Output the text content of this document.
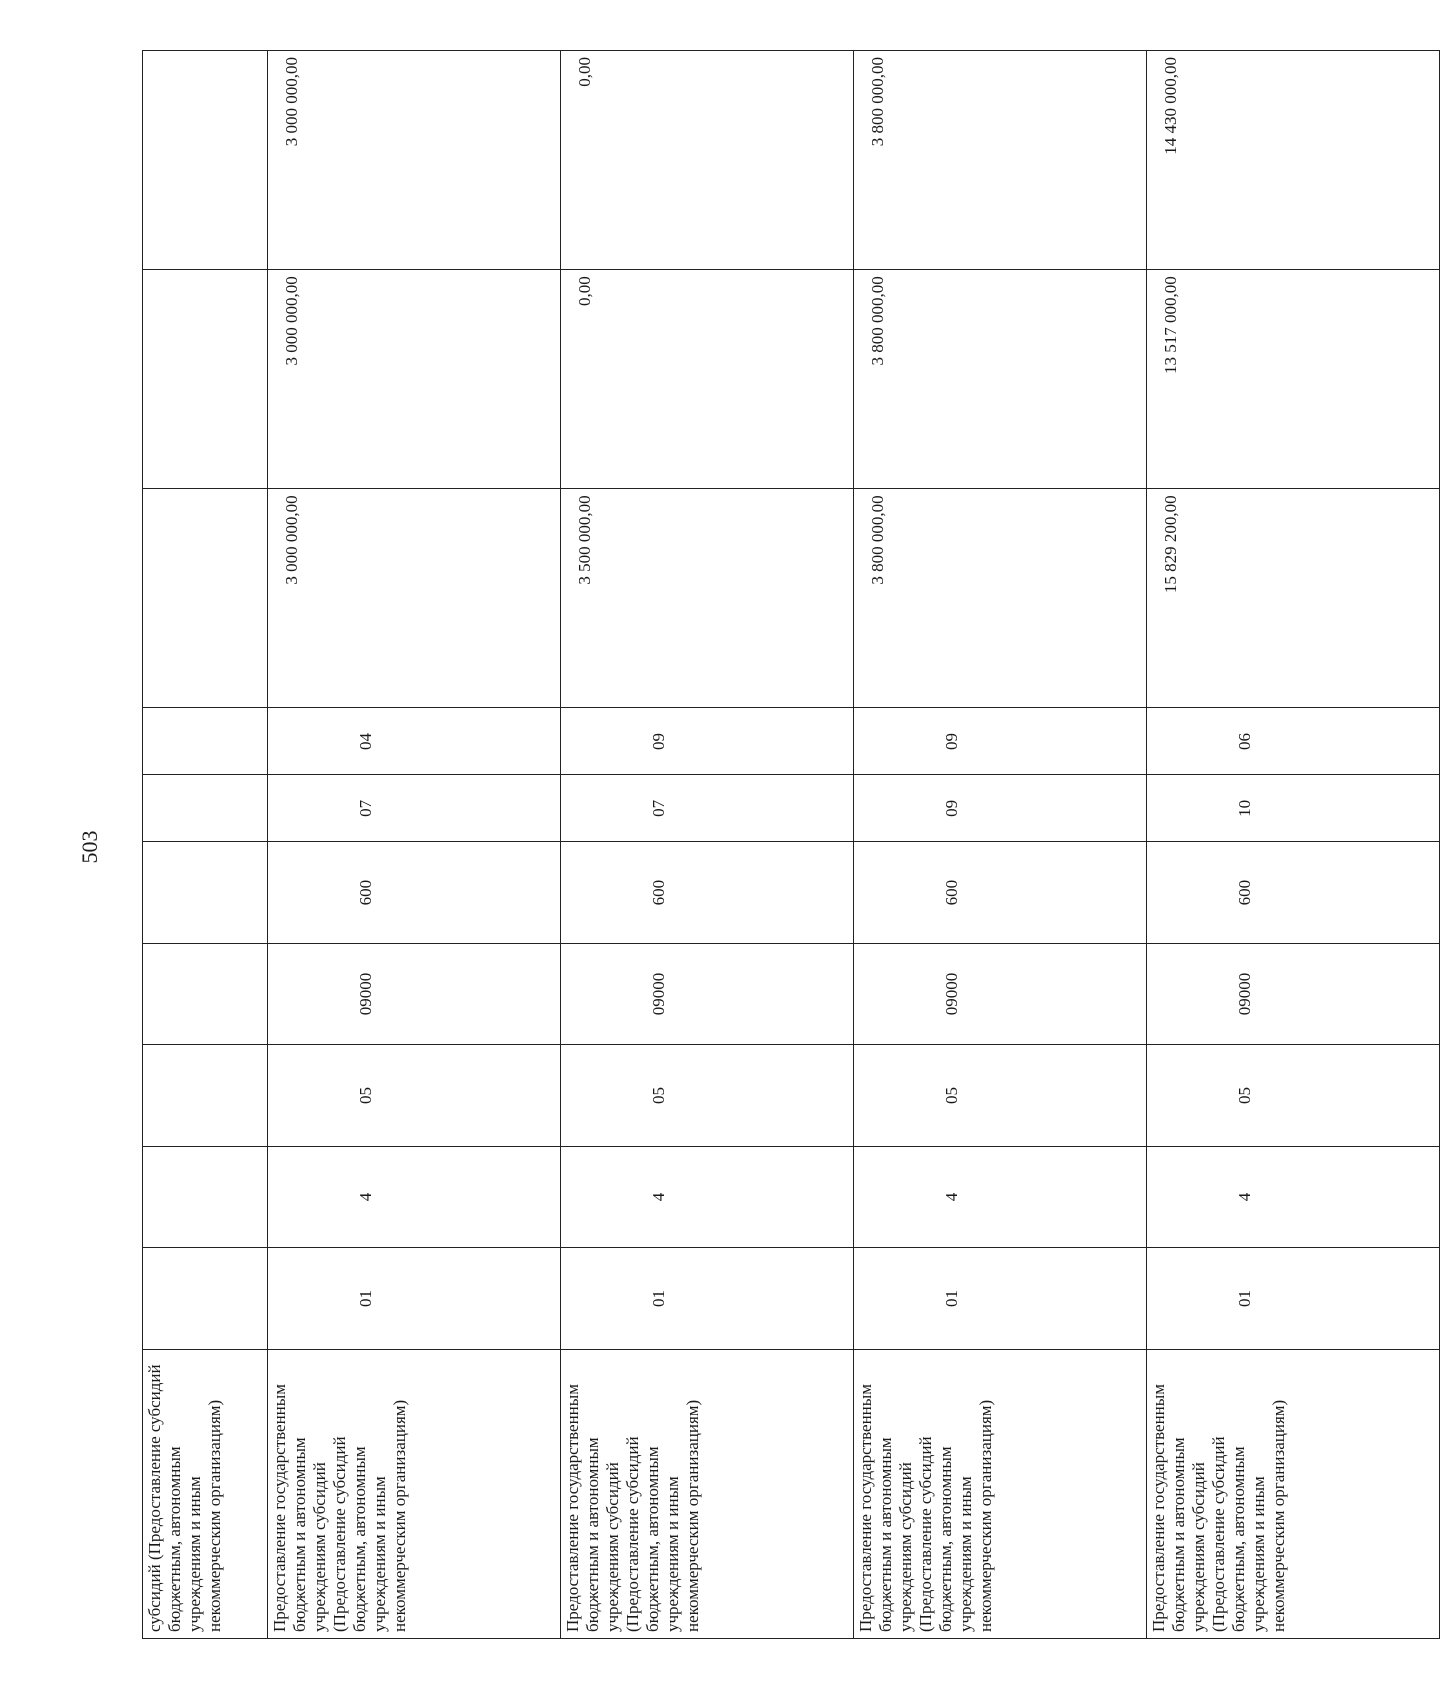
503
субсидий (Предоставление субсидий бюджетным, автономным учреждениям и иным некоммерческим организациям)										
Предоставление государственным бюджетным и автономным учреждениям субсидий (Предоставление субсидий бюджетным, автономным учреждениям и иным некоммерческим организациям)	01	4	05	09000	600	07	04	3 000 000,00	3 000 000,00	3 000 000,00
Предоставление государственным бюджетным и автономным учреждениям субсидий (Предоставление субсидий бюджетным, автономным учреждениям и иным некоммерческим организациям)	01	4	05	09000	600	07	09	3 500 000,00	0,00	0,00
Предоставление государственным бюджетным и автономным учреждениям субсидий (Предоставление субсидий бюджетным, автономным учреждениям и иным некоммерческим организациям)	01	4	05	09000	600	09	09	3 800 000,00	3 800 000,00	3 800 000,00
Предоставление государственным бюджетным и автономным учреждениям субсидий (Предоставление субсидий бюджетным, автономным учреждениям и иным некоммерческим организациям)	01	4	05	09000	600	10	06	15 829 200,00	13 517 000,00	14 430 000,00
